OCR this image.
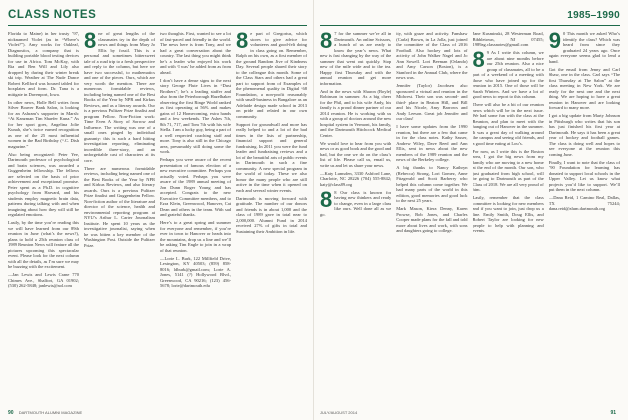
CLASS NOTES

Florida to Maine) in her trusty ’97, nicknamed Violet (as in “Where’s Violet?”). Amy works for Oakleaf, Diagnostics, a company that is building portable blood testing devices for use in Africa. Tom McKay, with Ria and Ben Will and Lily also dropped by during their winter break ski trip. Weather at The Nude Dance Robert Kellford was housed tabled for boxplates and form. Dr. Tana is a mitigate in Davenport, Iowa.

In other news, Holle Bell writes from Silver Boaver Bank Salon, is looking for an Ashram’s supporter in Marsh: “At Kanzman Tim Shaefer Kuna.” As for her sport goes, Angelina Jolie Kunah, she’s twice earned recognition as one of the 25 most influential women in the Bad Birthday (“.C. Dish magazine.”

Also being recognized: Peter Yee, Dartmouth professor of psychological and brain sciences, was awarded a Guggenheim fellowship. The fellows are selected on the basis of prior achievement and exceptional promise. Peter spent as a Ph.D. in cognitive psychology from Harvard, and his students employ magnetic brain data, patterns during talking with and when imagining about how they will still be regulated emotions.

Lastly, by the time you’re reading this we will have learned from our 89th reunion in June (what’s the news?), plans to hold a 25th reunion class of 1989 Reunion News will feature all the pictures upcoming this spectacular event. Please look for the next column with all the details, as I’m sure we may be buzzing with the excitement.

—Jan Lewis and Lewis Crane 770 Chimes Ave., Shalfort, GA 01902; (530) 262-5848; janlewis@aol.com

8 ne of great lengths of the classmates try in the depth of news and things from Mary Jo Ellis by fossil. This is a personal and sometimes bittersweet tale of a road trip to a fresh perspective and reply to the column, but here we have two successful, to mathematics and one of the pieces. Ours, which are very worth the mention. There are numerous formidable reviews, including being named one of the Best Books of the Year by NPR and Kirkus Reviews, and as a literary awards. Our is a previous Pulitzer Prize finalist and program Fellow. Non-Fiction work: Time Even A Story of Sorrow and Influence. The writing was one of a small ones pinged by individual guaranty: this is such a hard hitting investigation reporting, eliminating incredible three-story, and an unforgettable cast of characters at its core.

There are numerous formidable reviews, including being named one of the Best Books of the Year by NPR and Kirkus Reviews, and also literary awards. Ours is a previous Pulitzer Prize finalist and Guggenheim Fellow. Non-fiction author of the literature and director of the science, health and environmental reporting program at NYU’s Arthur L. Carter Journalism Institute. He spent 10 years as the investigative journalist, saying when he was bitten a key member of the Washington Post. Outside the Pulitzer Prize.

two thoughts. First, wanted to see a lot of fast-paced and friendly in the world. The news here is from Tony, and we had a great conversation about the country. The last thing you might think he’s a leader who enjoyed his work and with ‘I was’ he added from as from ahead.

I don’t have a dense signs to the next story George Flute Lives in “Dust Brothers”; he’s a leading staffer and also from the Peterborough Hazelbaker observing the first Ringe World ranked as first operating at 56% and makes gains of 12 Homecoming, extra hands and a few weekends. The Ashes 7th, 8th 71, 717, and Tom 7th with his wife Stella. I am a lucky guy, being a part of a well respected coaching staff and more. Tony is also still in the Chicago area, presumably still doing some the work.

Perhaps you were aware of the recent presentation of famous election of a new executive committee. Perhaps you actually voted. Perhaps you were aware of the 1989 annual meeting of Jon Dunn Roger Young and has accepted. Congrats to the new Executive Committee members, and to Ezra Klein, Greenwood, Hanover, Cat Dean and others in the team. With sad and grateful thanks.

Here’s to a great spring and summer for everyone and remember, if you’re ever in town to Hanover or heads into the mountains, drop us a line and we’ll be asking Tim Engle to join in a wrap of that reunion.

—Lorie L. Burk, 122 Millfield Drive, Lexington, KY 40503; (859) 858-8016; ldburk@gmail.com; Lorie A. Jones, 5141 (?) Hollywood Blvd., Greenwood, CA 90216; (123) 456-5678; lorie@dartmouth.edu

8 e part of Gregorius, which stores to give advice for volunteers and good-felt doing in class going on. Remember, Ralph on his own, as a first member of the ground Random Jive of Kindness Day. Several people shared their story to the colleague this month. Some of the Class Stars and others had a great part to support from of Examples of the phenomenal quality in Digital ‘68 Foundation, a non-profit reasonably with small-business in Bangalore as an Adelaide design made school in 2013 on pride and related in our own community.

Support for groundwall and more has really helped to and a lot of the bad times in the lists of partnership, financial support and general fundraising. In 2011 you were the fund leader and fundraising reviews and a lot of the beautiful arts of public events in Dartmouth in such a fine community. A new special program in the world of today. These we also honor the many people who are still active in the time when it opened on each and several winter events.

Dartmouth is moving forward with gratitude. The number of our donors and friends is in about 1,000 and the class of 1989 gave in total near to 2,000,000. Alumni Fund in 2014 received 27% of gifts in total and Sustaining their Ambition in life.

90 DARTMOUTH ALUMNI MAGAZINE
1985–1990

8 7 for the summer we’re all in Dartmouth. An online Scissors, a bunch of us are ready to know the year’s news. What new is fast changing by the way of the summer that went out quickly. Stop new of the mile wide and to the tea. Happy first Thursday and with the annual reunion and get more information.

And in the news with Sharon (Boyle) Robinson in summer. As a big cheer for the Phil, and to his wife Andy, his family is a proud dinner partner of our 2014 reunion. He is working with us with a group of doctors around the new hospital system in Vermont, his family, and the Dartmouth Hitchcock Medical Center.

We would love to hear from you with news or as good book and the good and bad, but the one we do on the class’s list of life. Please call us, email us, write us and let us share your news.

—Katy Lumsden, 3330 Ashford Lane, Charlotte, NC 28226 (704) 555-8842; katy@class89.org

8 8 Our class is known for having new thinkers and ready to change, even in a large class like ours. Well done all as we go.

ity, with graze and activity. Fanshaw (Carla) Brown, in La Jolla, just joined the committee of the Class of 2016 Football. Also hockey and lots of activity of John Walker Nagel and Jo Ann Sowell. Lori Beeman (Orlando) and Amy Carson (Boston), is a Stanford in the Annual Club, where the news was.

Jennifer (Taylor) Jacobsen also sponsored a virtual and reunion in the Midwest. Their son was second- and third- place in Beaton Hill, and Bill and his Nicole, Amy Barrows and Andy Leeson. Great job Jennifer and our class!

I have some updates from the 1990 reunion, but there are a few that came in for the class notes. Kathy Sasser, Andrew Wiley, Dave Reed and Ann Ellis, sent in news about the new members of the 1989 reunion and the news of the Berkeley college.

A big thanks to Nancy Kathryn (Rebecca) Strong, Lori Gomez, Anne Fitzgerald and Scott Barberry who helped this column come together. We had many parts of the world in this edition, good memories and good luck to the next 25 years.

Mark Mason, Kiera Denny, Karen Prowse, Bob Jones, and Charles Cooper made plans for the fall and told more about lives and work, with sons and daughters going to college.

Jane Kusminski, 28 Westerman Road, Bibbletown, NJ 07455; 1989ag.classnotes@gmail.com

8 9 As I write this column, we are about nine months before our 25th reunion. Also a nice group of classmates, all to be a part of a weekend of a meeting with those who have joined up for the reunion in 2015. One of those will be Sarah Winters. And we have a lot of good news to report to this column.

There will also be a bit of our reunion news which will be in the next issue. We had some fun with the class at the Reunion, and plan to meet with the hanging out of Hanover in the summer. It was a great day of walking around the campus and seeing old friends, and a good time eating at Lou’s.

For now, as I write this is the Boston area, I got the big news from my family who are moving to a new home at the end of the month. Our son, who just graduated from high school, will be going to Dartmouth as part of the Class of 2018. We are all very proud of him.

Lastly, remember that the class committee is looking for new members and if you want to join, just drop us a line. Emily Smith, Doug Ellis, and Robert Taylor are looking for new people to help with planning and events.

9 0 This month we asked Who’s identify the class? Which was heard from since they graduated 24 years ago. Once again everyone seems glad to lend a hand.

Got the email from Jenny and Carl Shaw, one in the class. Carl says “The first Thursday at The Salon” at the class meeting in New York. We are ready for the next one and the next thing. We are hoping to have a great reunion in Hanover and are looking forward to many more.

I got a big update from Marty Johnson in Pittsburgh who writes that his son has just finished his first year at Dartmouth. He says it has been a great year of hockey and football games. The class is doing well and hopes to see everyone at the reunion this coming June.

Finally, I want to note that the class of ’90 Foundation for learning has donated to support local schools in the Upper Valley. Let us know what projects you’d like to support. We’ll put them in the next column.

—Dana Reid, 1 Camino Real, Dallas, TX 75244; dana.reid@alum.dartmouth.org

JULY/AUGUST 2014	91
